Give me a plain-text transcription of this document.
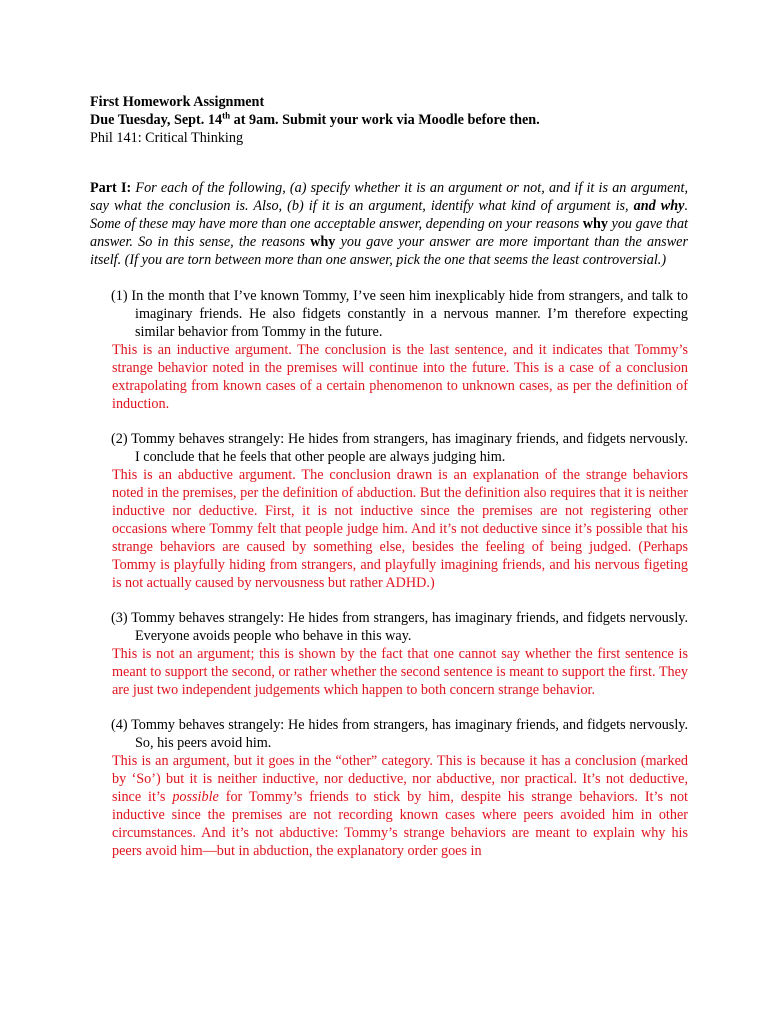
First Homework Assignment

Due Tuesday, Sept. 14th at 9am. Submit your work via Moodle before then.

Phil 141: Critical Thinking

Part I: For each of the following, (a) specify whether it is an argument or not, and if it is an argument, say what the conclusion is. Also, (b) if it is an argument, identify what kind of argument is, and why. Some of these may have more than one acceptable answer, depending on your reasons why you gave that answer. So in this sense, the reasons why you gave your answer are more important than the answer itself. (If you are torn between more than one answer, pick the one that seems the least controversial.)

(1) In the month that I’ve known Tommy, I’ve seen him inexplicably hide from strangers, and talk to imaginary friends. He also fidgets constantly in a nervous manner. I’m therefore expecting similar behavior from Tommy in the future.

This is an inductive argument. The conclusion is the last sentence, and it indicates that Tommy’s strange behavior noted in the premises will continue into the future. This is a case of a conclusion extrapolating from known cases of a certain phenomenon to unknown cases, as per the definition of induction.

(2) Tommy behaves strangely: He hides from strangers, has imaginary friends, and fidgets nervously. I conclude that he feels that other people are always judging him.

This is an abductive argument. The conclusion drawn is an explanation of the strange behaviors noted in the premises, per the definition of abduction. But the definition also requires that it is neither inductive nor deductive. First, it is not inductive since the premises are not registering other occasions where Tommy felt that people judge him. And it’s not deductive since it’s possible that his strange behaviors are caused by something else, besides the feeling of being judged. (Perhaps Tommy is playfully hiding from strangers, and playfully imagining friends, and his nervous figeting is not actually caused by nervousness but rather ADHD.)

(3) Tommy behaves strangely: He hides from strangers, has imaginary friends, and fidgets nervously. Everyone avoids people who behave in this way.

This is not an argument; this is shown by the fact that one cannot say whether the first sentence is meant to support the second, or rather whether the second sentence is meant to support the first. They are just two independent judgements which happen to both concern strange behavior.

(4) Tommy behaves strangely: He hides from strangers, has imaginary friends, and fidgets nervously. So, his peers avoid him.

This is an argument, but it goes in the “other” category. This is because it has a conclusion (marked by ‘So’) but it is neither inductive, nor deductive, nor abductive, nor practical. It’s not deductive, since it’s possible for Tommy’s friends to stick by him, despite his strange behaviors. It’s not inductive since the premises are not recording known cases where peers avoided him in other circumstances. And it’s not abductive: Tommy’s strange behaviors are meant to explain why his peers avoid him—but in abduction, the explanatory order goes in
